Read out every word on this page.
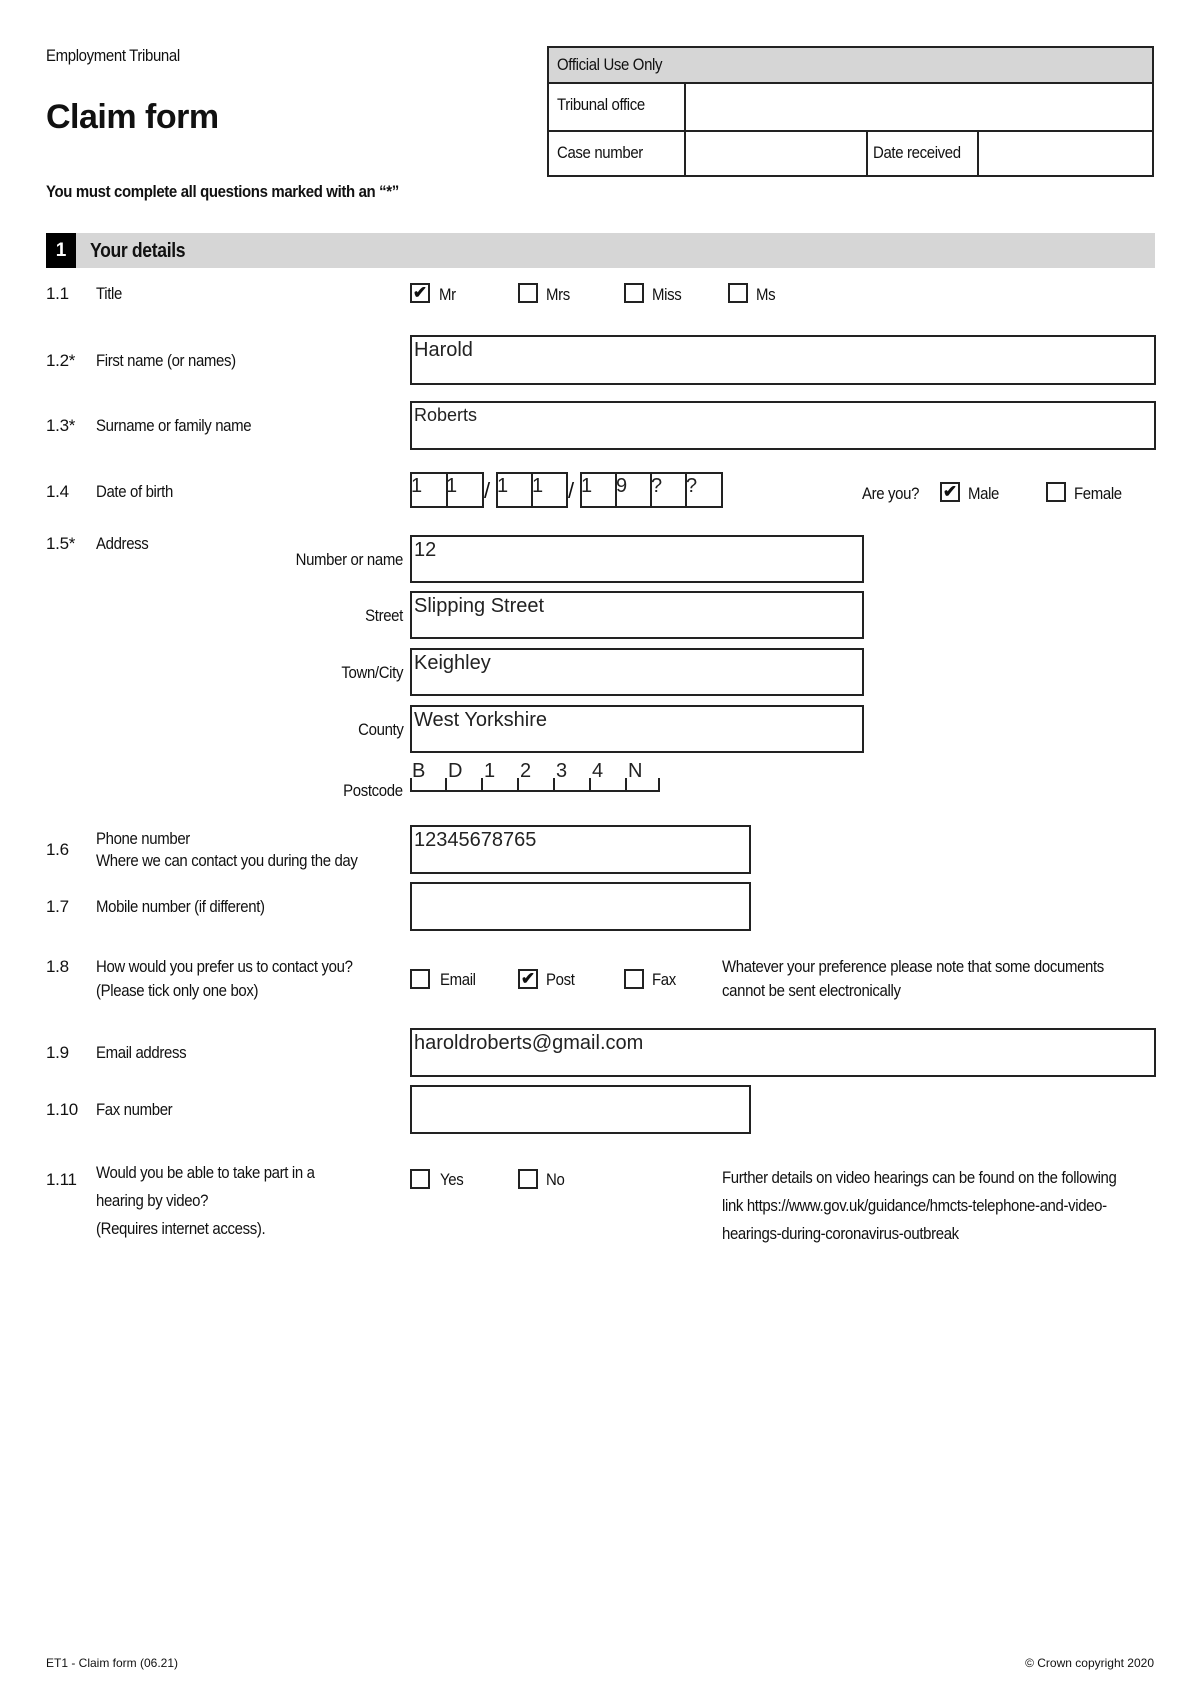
Employment Tribunal
Claim form
You must complete all questions marked with an “*”
Official Use Only
Tribunal office
Case number	Date received
1	Your details
1.1 Title	✔ Mr	Mrs	Miss	Ms
1.2* First name (or names)	Harold
1.3* Surname or family name
Roberts
1.4 Date of birth	1 1 / 1 1 / 1 9 ? ?	Are you? ✔ Male	Female
1.5* Address
Number or name 12
Street Slipping Street
Town/City Keighley
County West Yorkshire
Postcode
B D 1 2 3 4 N
1.6
Phone number
Where we can contact you during the day
12345678765
1.7 Mobile number (if different)
1.8 How would you prefer us to contact you?
(Please tick only one box)
Email	✔ Post	Fax
Whatever your preference please note that some documents
cannot be sent electronically
1.9 Email address	haroldroberts@gmail.com
1.10 Fax number
1.11 Would you be able to take part in a
hearing by video?
(Requires internet access).
Yes	No	Further details on video hearings can be found on the following
link https://www.gov.uk/guidance/hmcts-telephone-and-video-
hearings-during-coronavirus-outbreak
ET1 - Claim form (06.21)	© Crown copyright 2020
